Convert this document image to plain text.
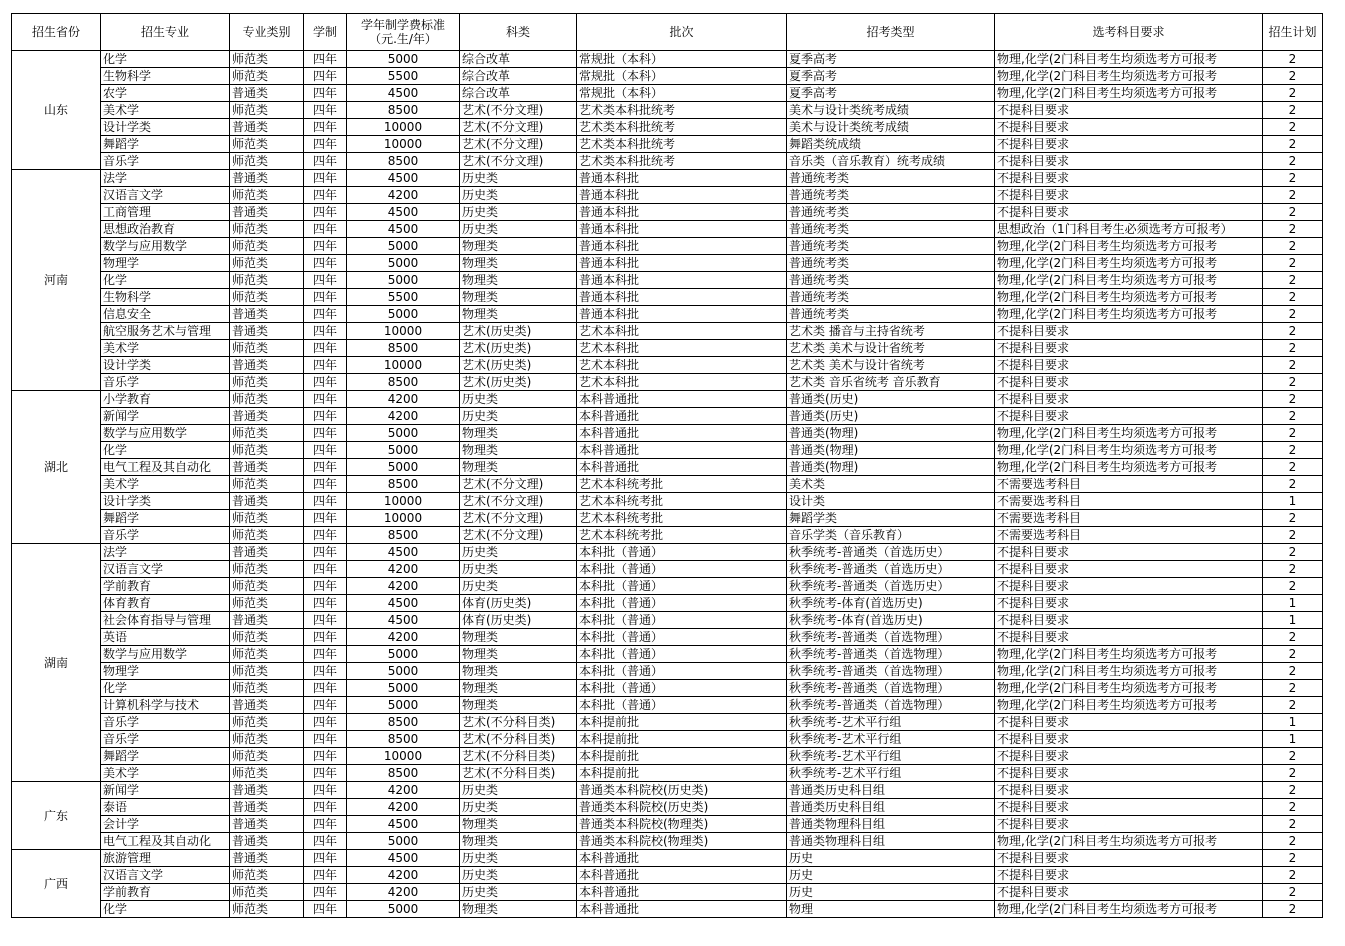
招生省份	招生专业	专业类别	学制	学年制学费标准
（元.生/年）	科类	批次	招考类型	选考科目要求	招生计划
山东	化学	师范类	四年	5000	综合改革	常规批（本科）	夏季高考	物理,化学(2门科目考生均须选考方可报考	2
	生物科学	师范类	四年	5500	综合改革	常规批（本科）	夏季高考	物理,化学(2门科目考生均须选考方可报考	2
	农学	普通类	四年	4500	综合改革	常规批（本科）	夏季高考	物理,化学(2门科目考生均须选考方可报考	2
	美术学	师范类	四年	8500	艺术(不分文理)	艺术类本科批统考	美术与设计类统考成绩	不提科目要求	2
	设计学类	普通类	四年	10000	艺术(不分文理)	艺术类本科批统考	美术与设计类统考成绩	不提科目要求	2
	舞蹈学	师范类	四年	10000	艺术(不分文理)	艺术类本科批统考	舞蹈类统成绩	不提科目要求	2
	音乐学	师范类	四年	8500	艺术(不分文理)	艺术类本科批统考	音乐类（音乐教育）统考成绩	不提科目要求	2
河南	法学	普通类	四年	4500	历史类	普通本科批	普通统考类	不提科目要求	2
	汉语言文学	师范类	四年	4200	历史类	普通本科批	普通统考类	不提科目要求	2
	工商管理	普通类	四年	4500	历史类	普通本科批	普通统考类	不提科目要求	2
	思想政治教育	师范类	四年	4500	历史类	普通本科批	普通统考类	思想政治（1门科目考生必须选考方可报考）	2
	数学与应用数学	师范类	四年	5000	物理类	普通本科批	普通统考类	物理,化学(2门科目考生均须选考方可报考	2
	物理学	师范类	四年	5000	物理类	普通本科批	普通统考类	物理,化学(2门科目考生均须选考方可报考	2
	化学	师范类	四年	5000	物理类	普通本科批	普通统考类	物理,化学(2门科目考生均须选考方可报考	2
	生物科学	师范类	四年	5500	物理类	普通本科批	普通统考类	物理,化学(2门科目考生均须选考方可报考	2
	信息安全	普通类	四年	5000	物理类	普通本科批	普通统考类	物理,化学(2门科目考生均须选考方可报考	2
	航空服务艺术与管理	普通类	四年	10000	艺术(历史类)	艺术本科批	艺术类 播音与主持省统考	不提科目要求	2
	美术学	师范类	四年	8500	艺术(历史类)	艺术本科批	艺术类 美术与设计省统考	不提科目要求	2
	设计学类	普通类	四年	10000	艺术(历史类)	艺术本科批	艺术类 美术与设计省统考	不提科目要求	2
	音乐学	师范类	四年	8500	艺术(历史类)	艺术本科批	艺术类 音乐省统考 音乐教育	不提科目要求	2
湖北	小学教育	师范类	四年	4200	历史类	本科普通批	普通类(历史)	不提科目要求	2
	新闻学	普通类	四年	4200	历史类	本科普通批	普通类(历史)	不提科目要求	2
	数学与应用数学	师范类	四年	5000	物理类	本科普通批	普通类(物理)	物理,化学(2门科目考生均须选考方可报考	2
	化学	师范类	四年	5000	物理类	本科普通批	普通类(物理)	物理,化学(2门科目考生均须选考方可报考	2
	电气工程及其自动化	普通类	四年	5000	物理类	本科普通批	普通类(物理)	物理,化学(2门科目考生均须选考方可报考	2
	美术学	师范类	四年	8500	艺术(不分文理)	艺术本科统考批	美术类	不需要选考科目	2
	设计学类	普通类	四年	10000	艺术(不分文理)	艺术本科统考批	设计类	不需要选考科目	1
	舞蹈学	师范类	四年	10000	艺术(不分文理)	艺术本科统考批	舞蹈学类	不需要选考科目	2
	音乐学	师范类	四年	8500	艺术(不分文理)	艺术本科统考批	音乐学类（音乐教育）	不需要选考科目	2
湖南	法学	普通类	四年	4500	历史类	本科批（普通）	秋季统考-普通类（首选历史）	不提科目要求	2
	汉语言文学	师范类	四年	4200	历史类	本科批（普通）	秋季统考-普通类（首选历史）	不提科目要求	2
	学前教育	师范类	四年	4200	历史类	本科批（普通）	秋季统考-普通类（首选历史）	不提科目要求	2
	体育教育	师范类	四年	4500	体育(历史类)	本科批（普通）	秋季统考-体育(首选历史)	不提科目要求	1
	社会体育指导与管理	普通类	四年	4500	体育(历史类)	本科批（普通）	秋季统考-体育(首选历史)	不提科目要求	1
	英语	师范类	四年	4200	物理类	本科批（普通）	秋季统考-普通类（首选物理）	不提科目要求	2
	数学与应用数学	师范类	四年	5000	物理类	本科批（普通）	秋季统考-普通类（首选物理）	物理,化学(2门科目考生均须选考方可报考	2
	物理学	师范类	四年	5000	物理类	本科批（普通）	秋季统考-普通类（首选物理）	物理,化学(2门科目考生均须选考方可报考	2
	化学	师范类	四年	5000	物理类	本科批（普通）	秋季统考-普通类（首选物理）	物理,化学(2门科目考生均须选考方可报考	2
	计算机科学与技术	普通类	四年	5000	物理类	本科批（普通）	秋季统考-普通类（首选物理）	物理,化学(2门科目考生均须选考方可报考	2
	音乐学	师范类	四年	8500	艺术(不分科目类)	本科提前批	秋季统考-艺术平行组	不提科目要求	1
	音乐学	师范类	四年	8500	艺术(不分科目类)	本科提前批	秋季统考-艺术平行组	不提科目要求	1
	舞蹈学	师范类	四年	10000	艺术(不分科目类)	本科提前批	秋季统考-艺术平行组	不提科目要求	2
	美术学	师范类	四年	8500	艺术(不分科目类)	本科提前批	秋季统考-艺术平行组	不提科目要求	2
广东	新闻学	普通类	四年	4200	历史类	普通类本科院校(历史类)	普通类历史科目组	不提科目要求	2
	泰语	普通类	四年	4200	历史类	普通类本科院校(历史类)	普通类历史科目组	不提科目要求	2
	会计学	普通类	四年	4500	物理类	普通类本科院校(物理类)	普通类物理科目组	不提科目要求	2
	电气工程及其自动化	普通类	四年	5000	物理类	普通类本科院校(物理类)	普通类物理科目组	物理,化学(2门科目考生均须选考方可报考	2
广西	旅游管理	普通类	四年	4500	历史类	本科普通批	历史	不提科目要求	2
	汉语言文学	师范类	四年	4200	历史类	本科普通批	历史	不提科目要求	2
	学前教育	师范类	四年	4200	历史类	本科普通批	历史	不提科目要求	2
	化学	师范类	四年	5000	物理类	本科普通批	物理	物理,化学(2门科目考生均须选考方可报考	2
